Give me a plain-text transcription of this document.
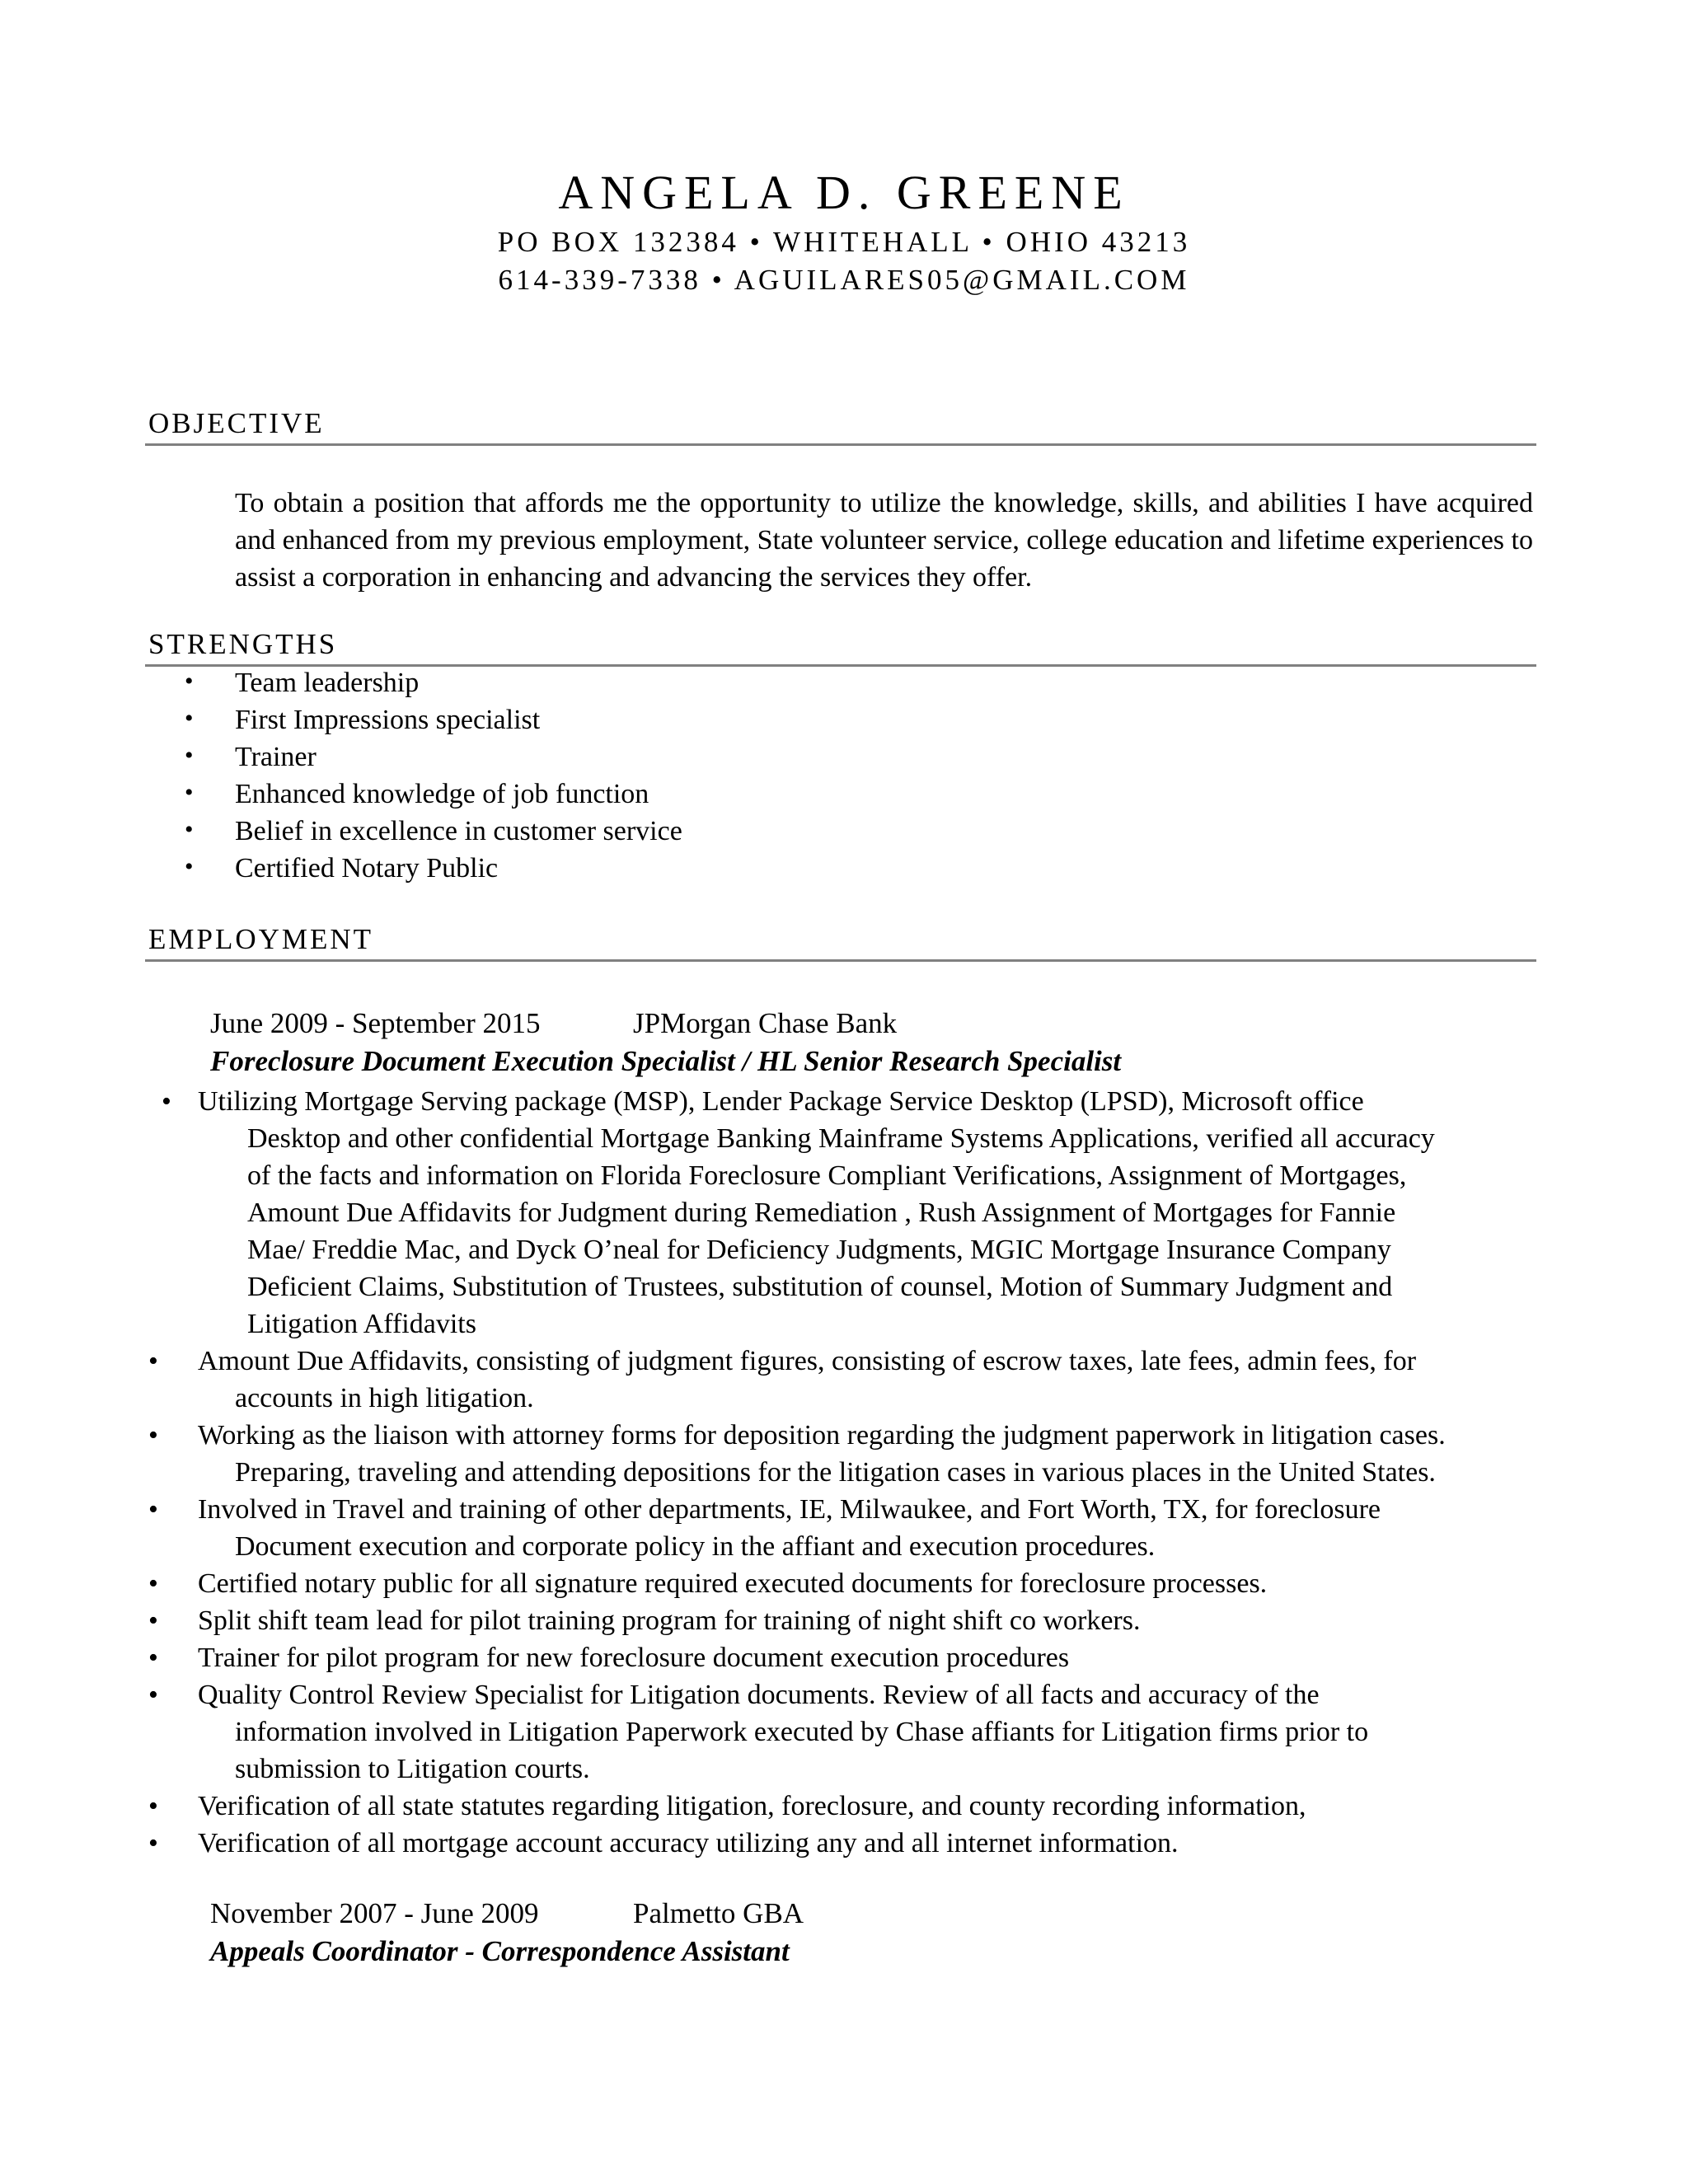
ANGELA D. GREENE
PO BOX 132384 • WHITEHALL • OHIO 43213
614-339-7338 • AGUILARES05@GMAIL.COM
OBJECTIVE
To obtain a position that affords me the opportunity to utilize the knowledge, skills, and abilities I have acquired and enhanced from my previous employment, State volunteer service, college education and lifetime experiences to assist a corporation in enhancing and advancing the services they offer.
STRENGTHS
• Team leadership
• First Impressions specialist
• Trainer
• Enhanced knowledge of job function
• Belief in excellence in customer service
• Certified Notary Public
EMPLOYMENT
June 2009 - September 2015	JPMorgan Chase Bank
Foreclosure Document Execution Specialist / HL Senior Research Specialist
• Utilizing Mortgage Serving package (MSP), Lender Package Service Desktop (LPSD), Microsoft office
Desktop and other confidential Mortgage Banking Mainframe Systems Applications, verified all accuracy
of the facts and information on Florida Foreclosure Compliant Verifications, Assignment of Mortgages,
Amount Due Affidavits for Judgment during Remediation , Rush Assignment of Mortgages for Fannie
Mae/ Freddie Mac, and Dyck O’neal for Deficiency Judgments, MGIC Mortgage Insurance Company
Deficient Claims, Substitution of Trustees, substitution of counsel, Motion of Summary Judgment and
Litigation Affidavits
• Amount Due Affidavits, consisting of judgment figures, consisting of escrow taxes, late fees, admin fees, for
accounts in high litigation.
• Working as the liaison with attorney forms for deposition regarding the judgment paperwork in litigation cases.
Preparing, traveling and attending depositions for the litigation cases in various places in the United States.
• Involved in Travel and training of other departments, IE, Milwaukee, and Fort Worth, TX, for foreclosure
Document execution and corporate policy in the affiant and execution procedures.
• Certified notary public for all signature required executed documents for foreclosure processes.
• Split shift team lead for pilot training program for training of night shift co workers.
• Trainer for pilot program for new foreclosure document execution procedures
• Quality Control Review Specialist for Litigation documents. Review of all facts and accuracy of the
information involved in Litigation Paperwork executed by Chase affiants for Litigation firms prior to
submission to Litigation courts.
• Verification of all state statutes regarding litigation, foreclosure, and county recording information,
• Verification of all mortgage account accuracy utilizing any and all internet information.
November 2007 - June 2009	Palmetto GBA
Appeals Coordinator - Correspondence Assistant
